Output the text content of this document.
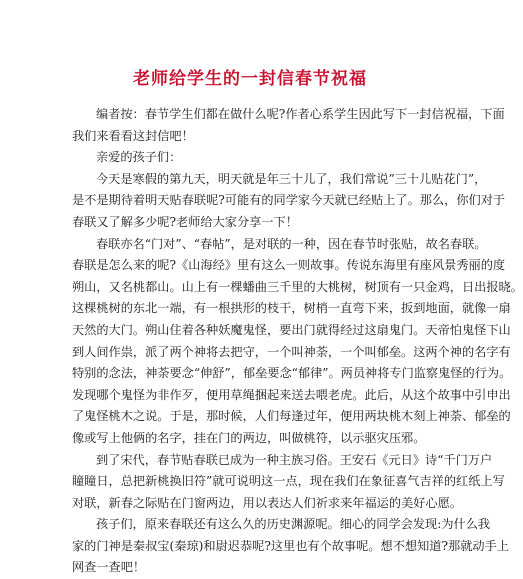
老师给学生的一封信春节祝福
编者按：春节学生们都在做什么呢?作者心系学生因此写下一封信祝福，下面
我们来看看这封信吧！
亲爱的孩子们：
今天是寒假的第九天，明天就是年三十儿了，我们常说”三十儿贴花门”，
是不是期待着明天贴春联呢?可能有的同学家今天就已经贴上了。那么，你们对于
春联又了解多少呢?老师给大家分享一下！
春联亦名“门对”、“春帖”，是对联的一种，因在春节时张贴，故名春联。
春联是怎么来的呢?《山海经》里有这么一则故事。传说东海里有座风景秀丽的度
朔山，又名桃都山。山上有一棵蟠曲三千里的大桃树，树顶有一只金鸡，日出报晓。
这棵桃树的东北一端，有一根拱形的枝干，树梢一直弯下来，扳到地面，就像一扇
天然的大门。朔山住着各种妖魔鬼怪，要出门就得经过这扇鬼门。天帝怕鬼怪下山
到人间作祟，派了两个神将去把守，一个叫神荼，一个叫郁垒。这两个神的名字有
特别的念法，神荼要念“伸舒”，郁垒要念“郁律”。两员神将专门监察鬼怪的行为。
发现哪个鬼怪为非作歹，便用草绳捆起来送去喂老虎。此后，从这个故事中引申出
了鬼怪桃木之说。于是，那时候，人们每逢过年，便用两块桃木刻上神荼、郁垒的
像或写上他俩的名字，挂在门的两边，叫做桃符，以示驱灾压邪。
到了宋代，春节贴春联已成为一种主族习俗。王安石《元日》诗“千门万户
瞳瞳日，总把新桃换旧符”就可说明这一点，现在我们在象征喜气吉祥的红纸上写
对联，新春之际贴在门窗两边，用以表达人们祈求来年福运的美好心愿。
孩子们，原来春联还有这么久的历史渊源呢。细心的同学会发现:为什么我
家的门神是秦叔宝(秦琼)和尉迟恭呢?这里也有个故事呢。想不想知道?那就动手上
网查一查吧！
